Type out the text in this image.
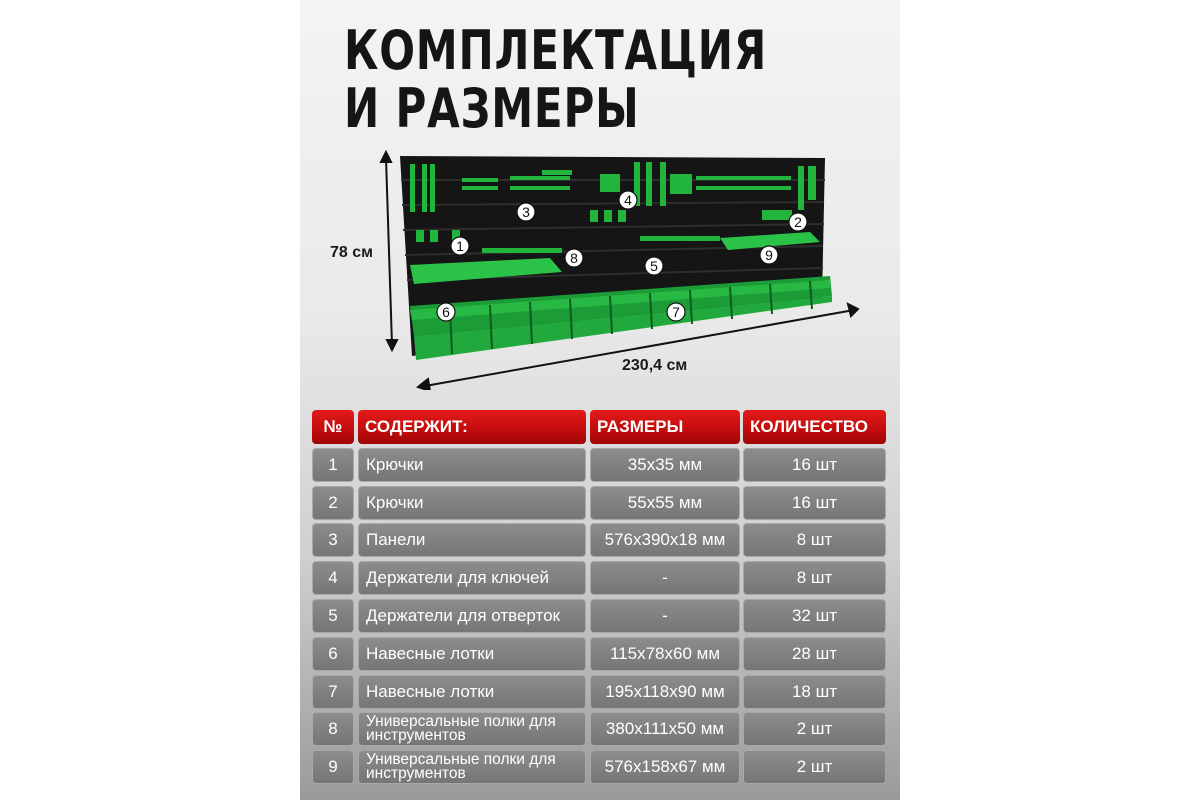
КОМПЛЕКТАЦИЯ
И РАЗМЕРЫ
1
2
3
4
5
6	7
8	9
78 см
230,4 см
№	СОДЕРЖИТ:	РАЗМЕРЫ	КОЛИЧЕСТВО
1	Крючки	35x35 мм	16 шт
2	Крючки	55x55 мм	16 шт
3	Панели	576x390x18 мм	8 шт
4	Держатели для ключей	-	8 шт
5	Держатели для отверток	-	32 шт
6	Навесные лотки	115x78x60 мм	28 шт
7	Навесные лотки	195x118x90 мм	18 шт
8	Универсальные полки для инструментов	380x111x50 мм	2 шт
9	Универсальные полки для инструментов	576x158x67 мм	2 шт
